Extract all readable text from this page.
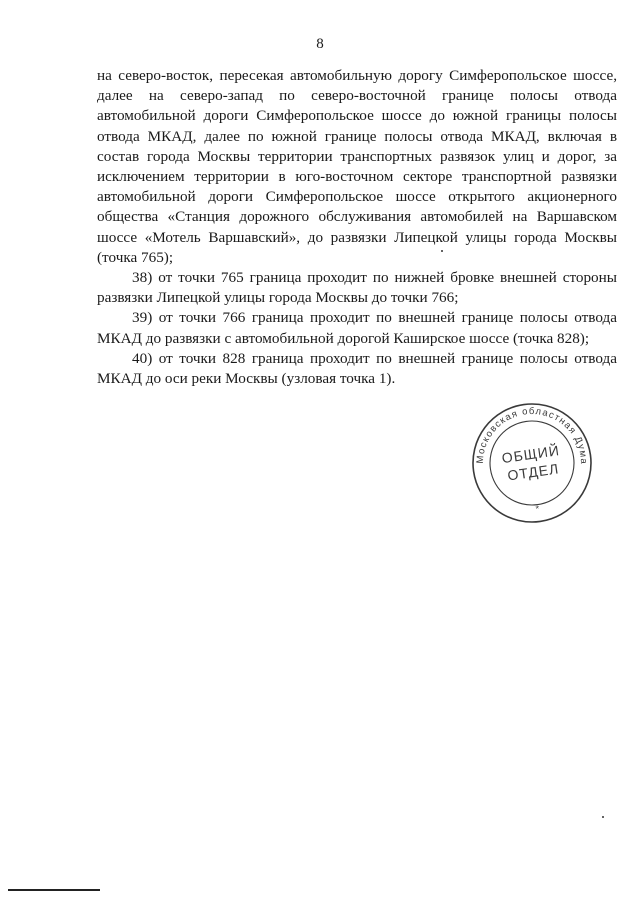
8

на северо-восток, пересекая автомобильную дорогу Симферопольское шоссе, далее на северо-запад по северо-восточной границе полосы отвода автомобильной дороги Симферопольское шоссе до южной границы полосы отвода МКАД, далее по южной границе полосы отвода МКАД, включая в состав города Москвы территории транспортных развязок улиц и дорог, за исключением территории в юго-восточном секторе транспортной развязки автомобильной дороги Симферопольское шоссе открытого акционерного общества «Станция дорожного обслуживания автомобилей на Варшавском шоссе «Мотель Варшавский», до развязки Липецкой улицы города Москвы (точка 765);

38) от точки 765 граница проходит по нижней бровке внешней стороны развязки Липецкой улицы города Москвы до точки 766;

39) от точки 766 граница проходит по внешней границе полосы отвода МКАД до развязки с автомобильной дорогой Каширское шоссе (точка 828);

40) от точки 828 граница проходит по внешней границе полосы отвода МКАД до оси реки Москвы (узловая точка 1).

Московская областная Дума
*
ОБЩИЙ
ОТДЕЛ
